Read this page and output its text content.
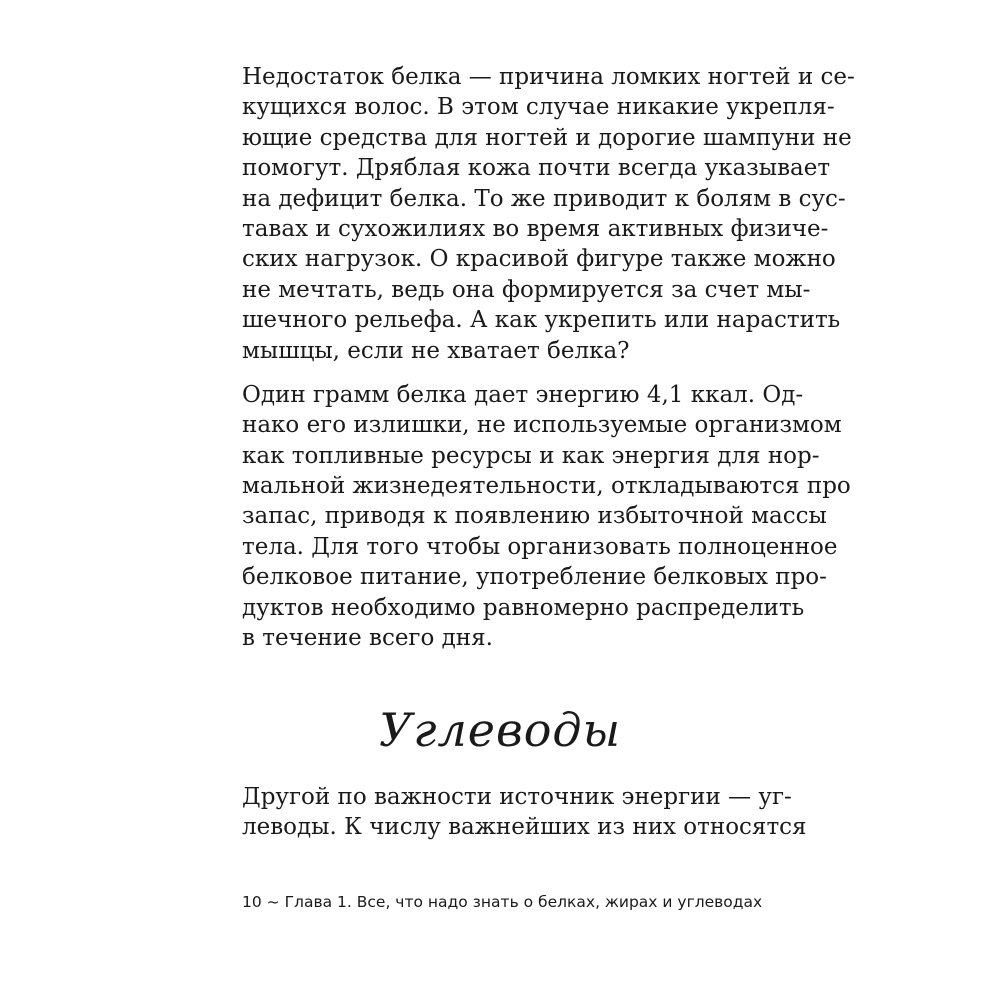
Недостаток белка — причина ломких ногтей и се-
кущихся волос. В этом случае никакие укрепля-
ющие средства для ногтей и дорогие шампуни не
помогут. Дряблая кожа почти всегда указывает
на дефицит белка. То же приводит к болям в сус-
тавах и сухожилиях во время активных физиче-
ских нагрузок. О красивой фигуре также можно
не мечтать, ведь она формируется за счет мы-
шечного рельефа. А как укрепить или нарастить
мышцы, если не хватает белка?

Один грамм белка дает энергию 4,1 ккал. Од-
нако его излишки, не используемые организмом
как топливные ресурсы и как энергия для нор-
мальной жизнедеятельности, откладываются про
запас, приводя к появлению избыточной массы
тела. Для того чтобы организовать полноценное
белковое питание, употребление белковых про-
дуктов необходимо равномерно распределить
в течение всего дня.

Углеводы
Другой по важности источник энергии — уг-
леводы. К числу важнейших из них относятся
10 ~ Глава 1. Все, что надо знать о белках, жирах и углеводах
